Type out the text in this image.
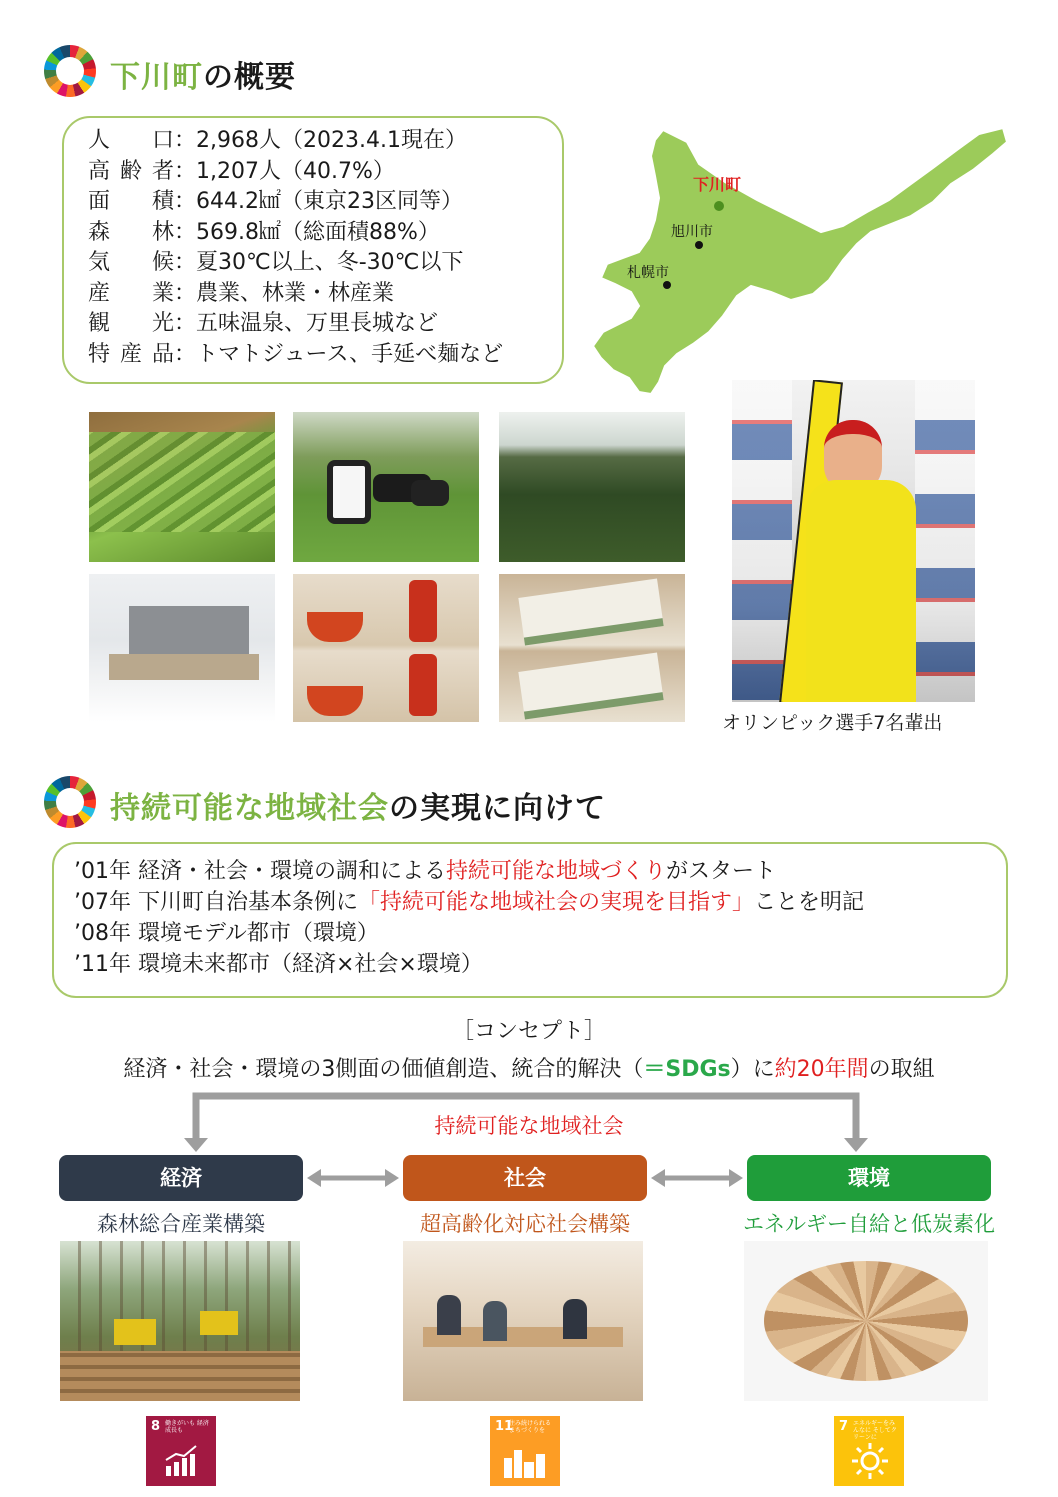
下川町の概要
人口：2,968人（2023.4.1現在）
高齢者：1,207人（40.7%）
面積：644.2㎢（東京23区同等）
森林：569.8㎢（総面積88%）
気候：夏30℃以上、冬-30℃以下
産業：農業、林業・林産業
観光：五味温泉、万里長城など
特産品：トマトジュース、手延べ麺など
下川町
旭川市
札幌市
オリンピック選手7名輩出
持続可能な地域社会の実現に向けて
’01年 経済・社会・環境の調和による持続可能な地域づくりがスタート
’07年 下川町自治基本条例に「持続可能な地域社会の実現を目指す」ことを明記
’08年 環境モデル都市（環境）
’11年 環境未来都市（経済×社会×環境）
［コンセプト］
経済・社会・環境の3側面の価値創造、統合的解決（＝SDGs）に約20年間の取組
持続可能な地域社会
経済	社会	環境
森林総合産業構築	超高齢化対応社会構築	エネルギー自給と低炭素化
8 働きがいも 経済成長も	11
住み続けられる まちづくりを	7 エネルギーをみんなに そしてクリーンに
